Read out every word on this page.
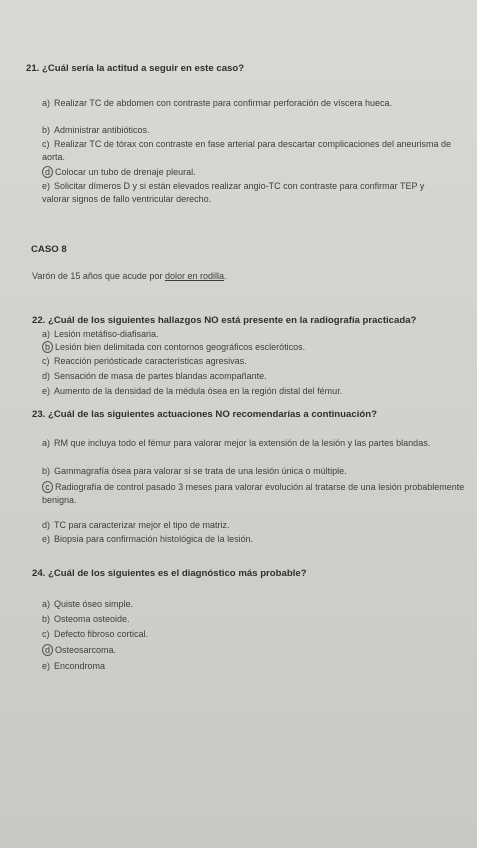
21. ¿Cuál sería la actitud a seguir en este caso?
a) Realizar TC de abdomen con contraste para confirmar perforación de víscera hueca.
b) Administrar antibióticos.
c) Realizar TC de tórax con contraste en fase arterial para descartar complicaciones del aneurisma de aorta.
d Colocar un tubo de drenaje pleural.
e) Solicitar dímeros D y si están elevados realizar angio-TC con contraste para confirmar TEP y valorar signos de fallo ventricular derecho.
CASO 8
Varón de 15 años que acude por dolor en rodilla.
22. ¿Cuál de los siguientes hallazgos NO está presente en la radiografía practicada?
a) Lesión metáfiso-diafisaria.
b Lesión bien delimitada con contornos geográficos escleróticos.
c) Reacción periósticade características agresivas.
d) Sensación de masa de partes blandas acompañante.
e) Aumento de la densidad de la médula ósea en la región distal del fémur.
23. ¿Cuál de las siguientes actuaciones NO recomendarías a continuación?
a) RM que incluya todo el fémur para valorar mejor la extensión de la lesión y las partes blandas.
b) Gammagrafía ósea para valorar si se trata de una lesión única o múltiple.
c Radiografía de control pasado 3 meses para valorar evolución al tratarse de una lesión probablemente benigna.
d) TC para caracterizar mejor el tipo de matriz.
e) Biopsia para confirmación histológica de la lesión.
24. ¿Cuál de los siguientes es el diagnóstico más probable?
a) Quiste óseo simple.
b) Osteoma osteoide.
c) Defecto fibroso cortical.
d Osteosarcoma.
e) Encondroma
